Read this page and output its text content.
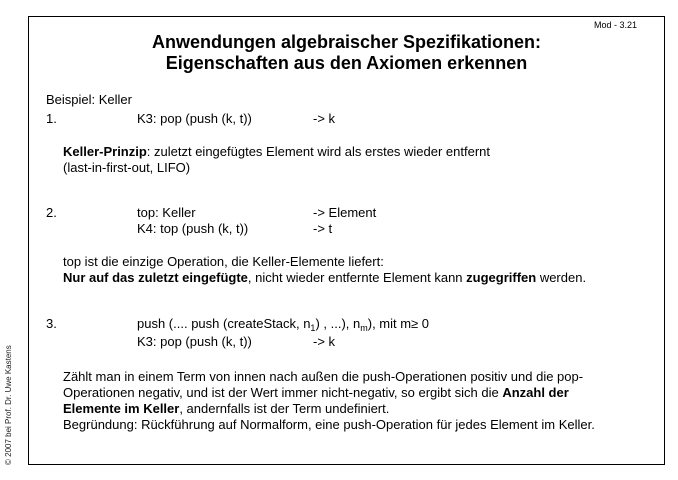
Mod - 3.21
Anwendungen algebraischer Spezifikationen:
Eigenschaften aus den Axiomen erkennen
© 2007 bei Prof. Dr. Uwe Kastens
Beispiel: Keller
1.	K3: pop (push (k, t))	-> k
Keller-Prinzip: zuletzt eingefügtes Element wird als erstes wieder entfernt
(last-in-first-out, LIFO)
2.	top: Keller	-> Element
K4: top (push (k, t))	-> t
top ist die einzige Operation, die Keller-Elemente liefert:
Nur auf das zuletzt eingefügte, nicht wieder entfernte Element kann zugegriffen werden.
3.	push (.... push (createStack, $n_1$) , ...), $n_m$), mit m≥ 0
K3: pop (push (k, t))	-> k
Zählt man in einem Term von innen nach außen die push-Operationen positiv und die pop-
Operationen negativ, und ist der Wert immer nicht-negativ, so ergibt sich die Anzahl der
Elemente im Keller, andernfalls ist der Term undefiniert.
Begründung: Rückführung auf Normalform, eine push-Operation für jedes Element im Keller.
